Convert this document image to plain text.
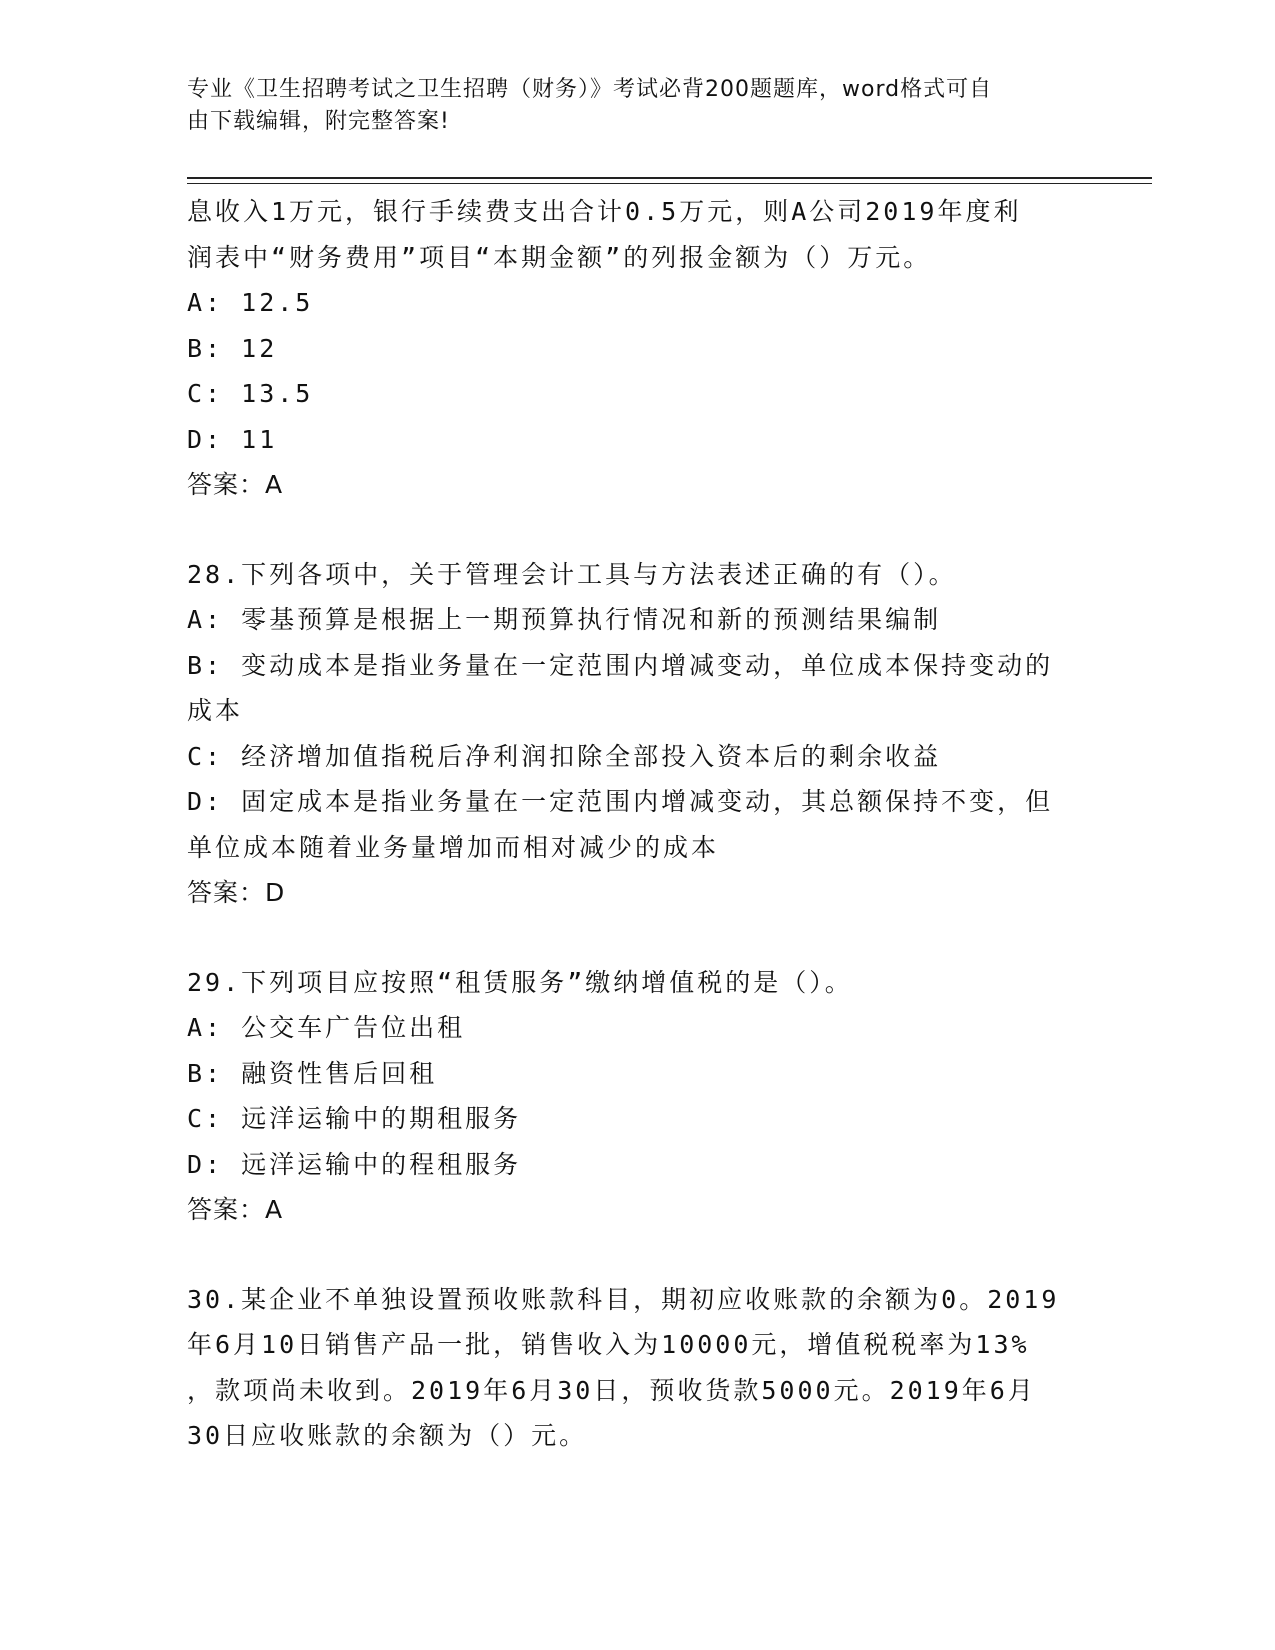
专业《卫生招聘考试之卫生招聘（财务）》考试必背200题题库，word格式可自
由下载编辑，附完整答案!
息收入1万元，银行手续费支出合计0.5万元，则A公司2019年度利
润表中“财务费用”项目“本期金额”的列报金额为（）万元。
A: 12.5
B: 12
C: 13.5
D: 11
答案：A
28.下列各项中，关于管理会计工具与方法表述正确的有（）。
A: 零基预算是根据上一期预算执行情况和新的预测结果编制
B: 变动成本是指业务量在一定范围内增减变动，单位成本保持变动的
成本
C: 经济增加值指税后净利润扣除全部投入资本后的剩余收益
D: 固定成本是指业务量在一定范围内增减变动，其总额保持不变，但
单位成本随着业务量增加而相对减少的成本
答案：D
29.下列项目应按照“租赁服务”缴纳增值税的是（）。
A: 公交车广告位出租
B: 融资性售后回租
C: 远洋运输中的期租服务
D: 远洋运输中的程租服务
答案：A
30.某企业不单独设置预收账款科目，期初应收账款的余额为0。2019
年6月10日销售产品一批，销售收入为10000元，增值税税率为13%
，款项尚未收到。2019年6月30日，预收货款5000元。2019年6月
30日应收账款的余额为（）元。
